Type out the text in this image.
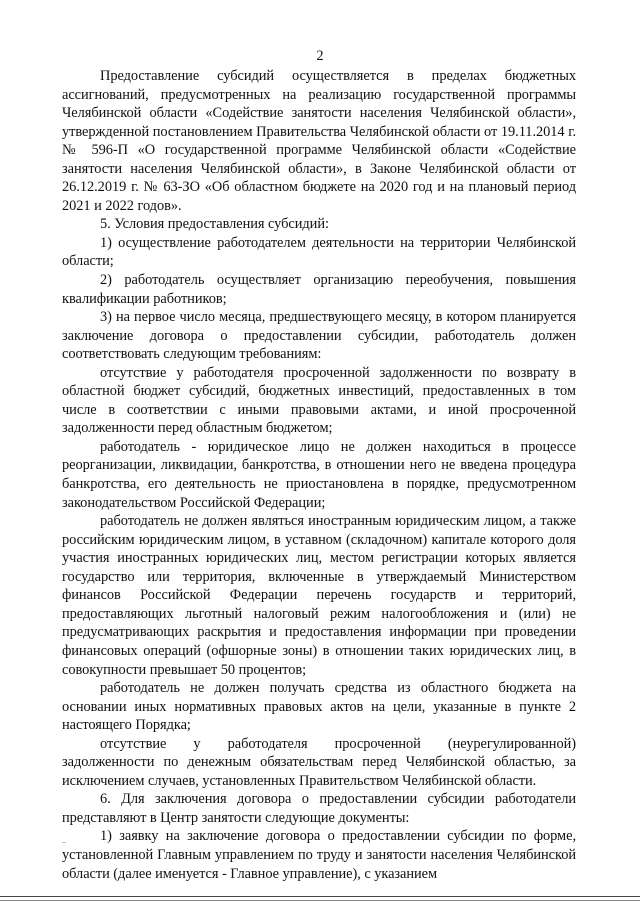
2

Предоставление субсидий осуществляется в пределах бюджетных ассигнований, предусмотренных на реализацию государственной программы Челябинской области «Содействие занятости населения Челябинской области», утвержденной постановлением Правительства Челябинской области от 19.11.2014 г. № 596-П «О государственной программе Челябинской области «Содействие занятости населения Челябинской области», в Законе Челябинской области от 26.12.2019 г. № 63-ЗО «Об областном бюджете на 2020 год и на плановый период 2021 и 2022 годов».

5. Условия предоставления субсидий:

1) осуществление работодателем деятельности на территории Челябинской области;

2) работодатель осуществляет организацию переобучения, повышения квалификации работников;

3) на первое число месяца, предшествующего месяцу, в котором планируется заключение договора о предоставлении субсидии, работодатель должен соответствовать следующим требованиям:

отсутствие у работодателя просроченной задолженности по возврату в областной бюджет субсидий, бюджетных инвестиций, предоставленных в том числе в соответствии с иными правовыми актами, и иной просроченной задолженности перед областным бюджетом;

работодатель - юридическое лицо не должен находиться в процессе реорганизации, ликвидации, банкротства, в отношении него не введена процедура банкротства, его деятельность не приостановлена в порядке, предусмотренном законодательством Российской Федерации;

работодатель не должен являться иностранным юридическим лицом, а также российским юридическим лицом, в уставном (складочном) капитале которого доля участия иностранных юридических лиц, местом регистрации которых является государство или территория, включенные в утверждаемый Министерством финансов Российской Федерации перечень государств и территорий, предоставляющих льготный налоговый режим налогообложения и (или) не предусматривающих раскрытия и предоставления информации при проведении финансовых операций (офшорные зоны) в отношении таких юридических лиц, в совокупности превышает 50 процентов;

работодатель не должен получать средства из областного бюджета на основании иных нормативных правовых актов на цели, указанные в пункте 2 настоящего Порядка;

отсутствие у работодателя просроченной (неурегулированной) задолженности по денежным обязательствам перед Челябинской областью, за исключением случаев, установленных Правительством Челябинской области.

6. Для заключения договора о предоставлении субсидии работодатели представляют в Центр занятости следующие документы:

1) заявку на заключение договора о предоставлении субсидии по форме, установленной Главным управлением по труду и занятости населения Челябинской области (далее именуется - Главное управление), с указанием
